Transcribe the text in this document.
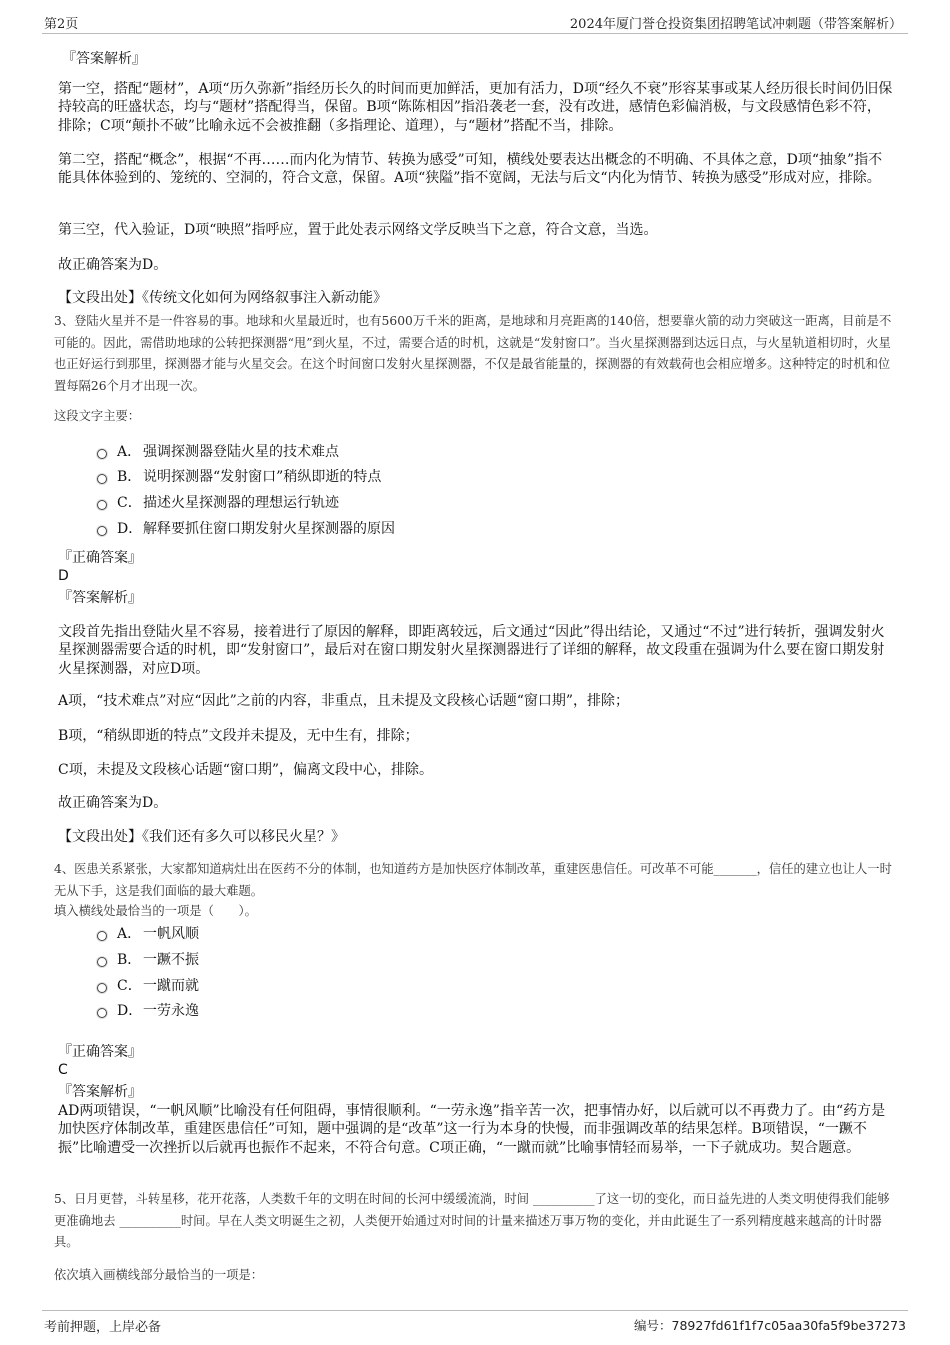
第2页	2024年厦门誉仓投资集团招聘笔试冲刺题（带答案解析）
『答案解析』
第一空，搭配“题材”，A项“历久弥新”指经历长久的时间而更加鲜活，更加有活力，D项“经久不衰”形容某事或某人经历很长时间仍旧保持较高的旺盛状态，均与“题材”搭配得当，保留。B项“陈陈相因”指沿袭老一套，没有改进，感情色彩偏消极，与文段感情色彩不符，排除；C项“颠扑不破”比喻永远不会被推翻（多指理论、道理），与“题材”搭配不当，排除。
第二空，搭配“概念”，根据“不再……而内化为情节、转换为感受”可知，横线处要表达出概念的不明确、不具体之意，D项“抽象”指不能具体体验到的、笼统的、空洞的，符合文意，保留。A项“狭隘”指不宽阔，无法与后文“内化为情节、转换为感受”形成对应，排除。
第三空，代入验证，D项“映照”指呼应，置于此处表示网络文学反映当下之意，符合文意，当选。
故正确答案为D。
【文段出处】《传统文化如何为网络叙事注入新动能》
3、登陆火星并不是一件容易的事。地球和火星最近时，也有5600万千米的距离，是地球和月亮距离的140倍，想要靠火箭的动力突破这一距离，目前是不可能的。因此，需借助地球的公转把探测器“甩”到火星，不过，需要合适的时机，这就是“发射窗口”。当火星探测器到达远日点，与火星轨道相切时，火星也正好运行到那里，探测器才能与火星交会。在这个时间窗口发射火星探测器，不仅是最省能量的，探测器的有效载荷也会相应增多。这种特定的时机和位置每隔26个月才出现一次。
这段文字主要：
A． 强调探测器登陆火星的技术难点
B． 说明探测器“发射窗口”稍纵即逝的特点
C．描述火星探测器的理想运行轨迹
D．解释要抓住窗口期发射火星探测器的原因
『正确答案』
D
『答案解析』
文段首先指出登陆火星不容易，接着进行了原因的解释，即距离较远，后文通过“因此”得出结论，又通过“不过”进行转折，强调发射火星探测器需要合适的时机，即“发射窗口”，最后对在窗口期发射火星探测器进行了详细的解释，故文段重在强调为什么要在窗口期发射火星探测器，对应D项。
A项，“技术难点”对应“因此”之前的内容，非重点，且未提及文段核心话题“窗口期”，排除；
B项，“稍纵即逝的特点”文段并未提及，无中生有，排除；
C项，未提及文段核心话题“窗口期”，偏离文段中心，排除。
故正确答案为D。
【文段出处】《我们还有多久可以移民火星？》
4、医患关系紧张，大家都知道病灶出在医药不分的体制，也知道药方是加快医疗体制改革，重建医患信任。可改革不可能_______，信任的建立也让人一时无从下手，这是我们面临的最大难题。
填入横线处最恰当的一项是（　　）。
A． 一帆风顺
B． 一蹶不振
C．一蹴而就
D．一劳永逸
『正确答案』
C
『答案解析』
AD两项错误，“一帆风顺”比喻没有任何阻碍，事情很顺利。“一劳永逸”指辛苦一次，把事情办好，以后就可以不再费力了。由“药方是加快医疗体制改革，重建医患信任”可知，题中强调的是“改革”这一行为本身的快慢，而非强调改革的结果怎样。B项错误，“一蹶不振”比喻遭受一次挫折以后就再也振作不起来，不符合句意。C项正确，“一蹴而就”比喻事情轻而易举，一下子就成功。契合题意。
5、日月更替，斗转星移，花开花落，人类数千年的文明在时间的长河中缓缓流淌，时间 __________了这一切的变化，而日益先进的人类文明使得我们能够更准确地去 __________时间。早在人类文明诞生之初，人类便开始通过对时间的计量来描述万事万物的变化，并由此诞生了一系列精度越来越高的计时器具。
依次填入画横线部分最恰当的一项是：
考前押题，上岸必备	编号：78927fd61f1f7c05aa30fa5f9be37273
